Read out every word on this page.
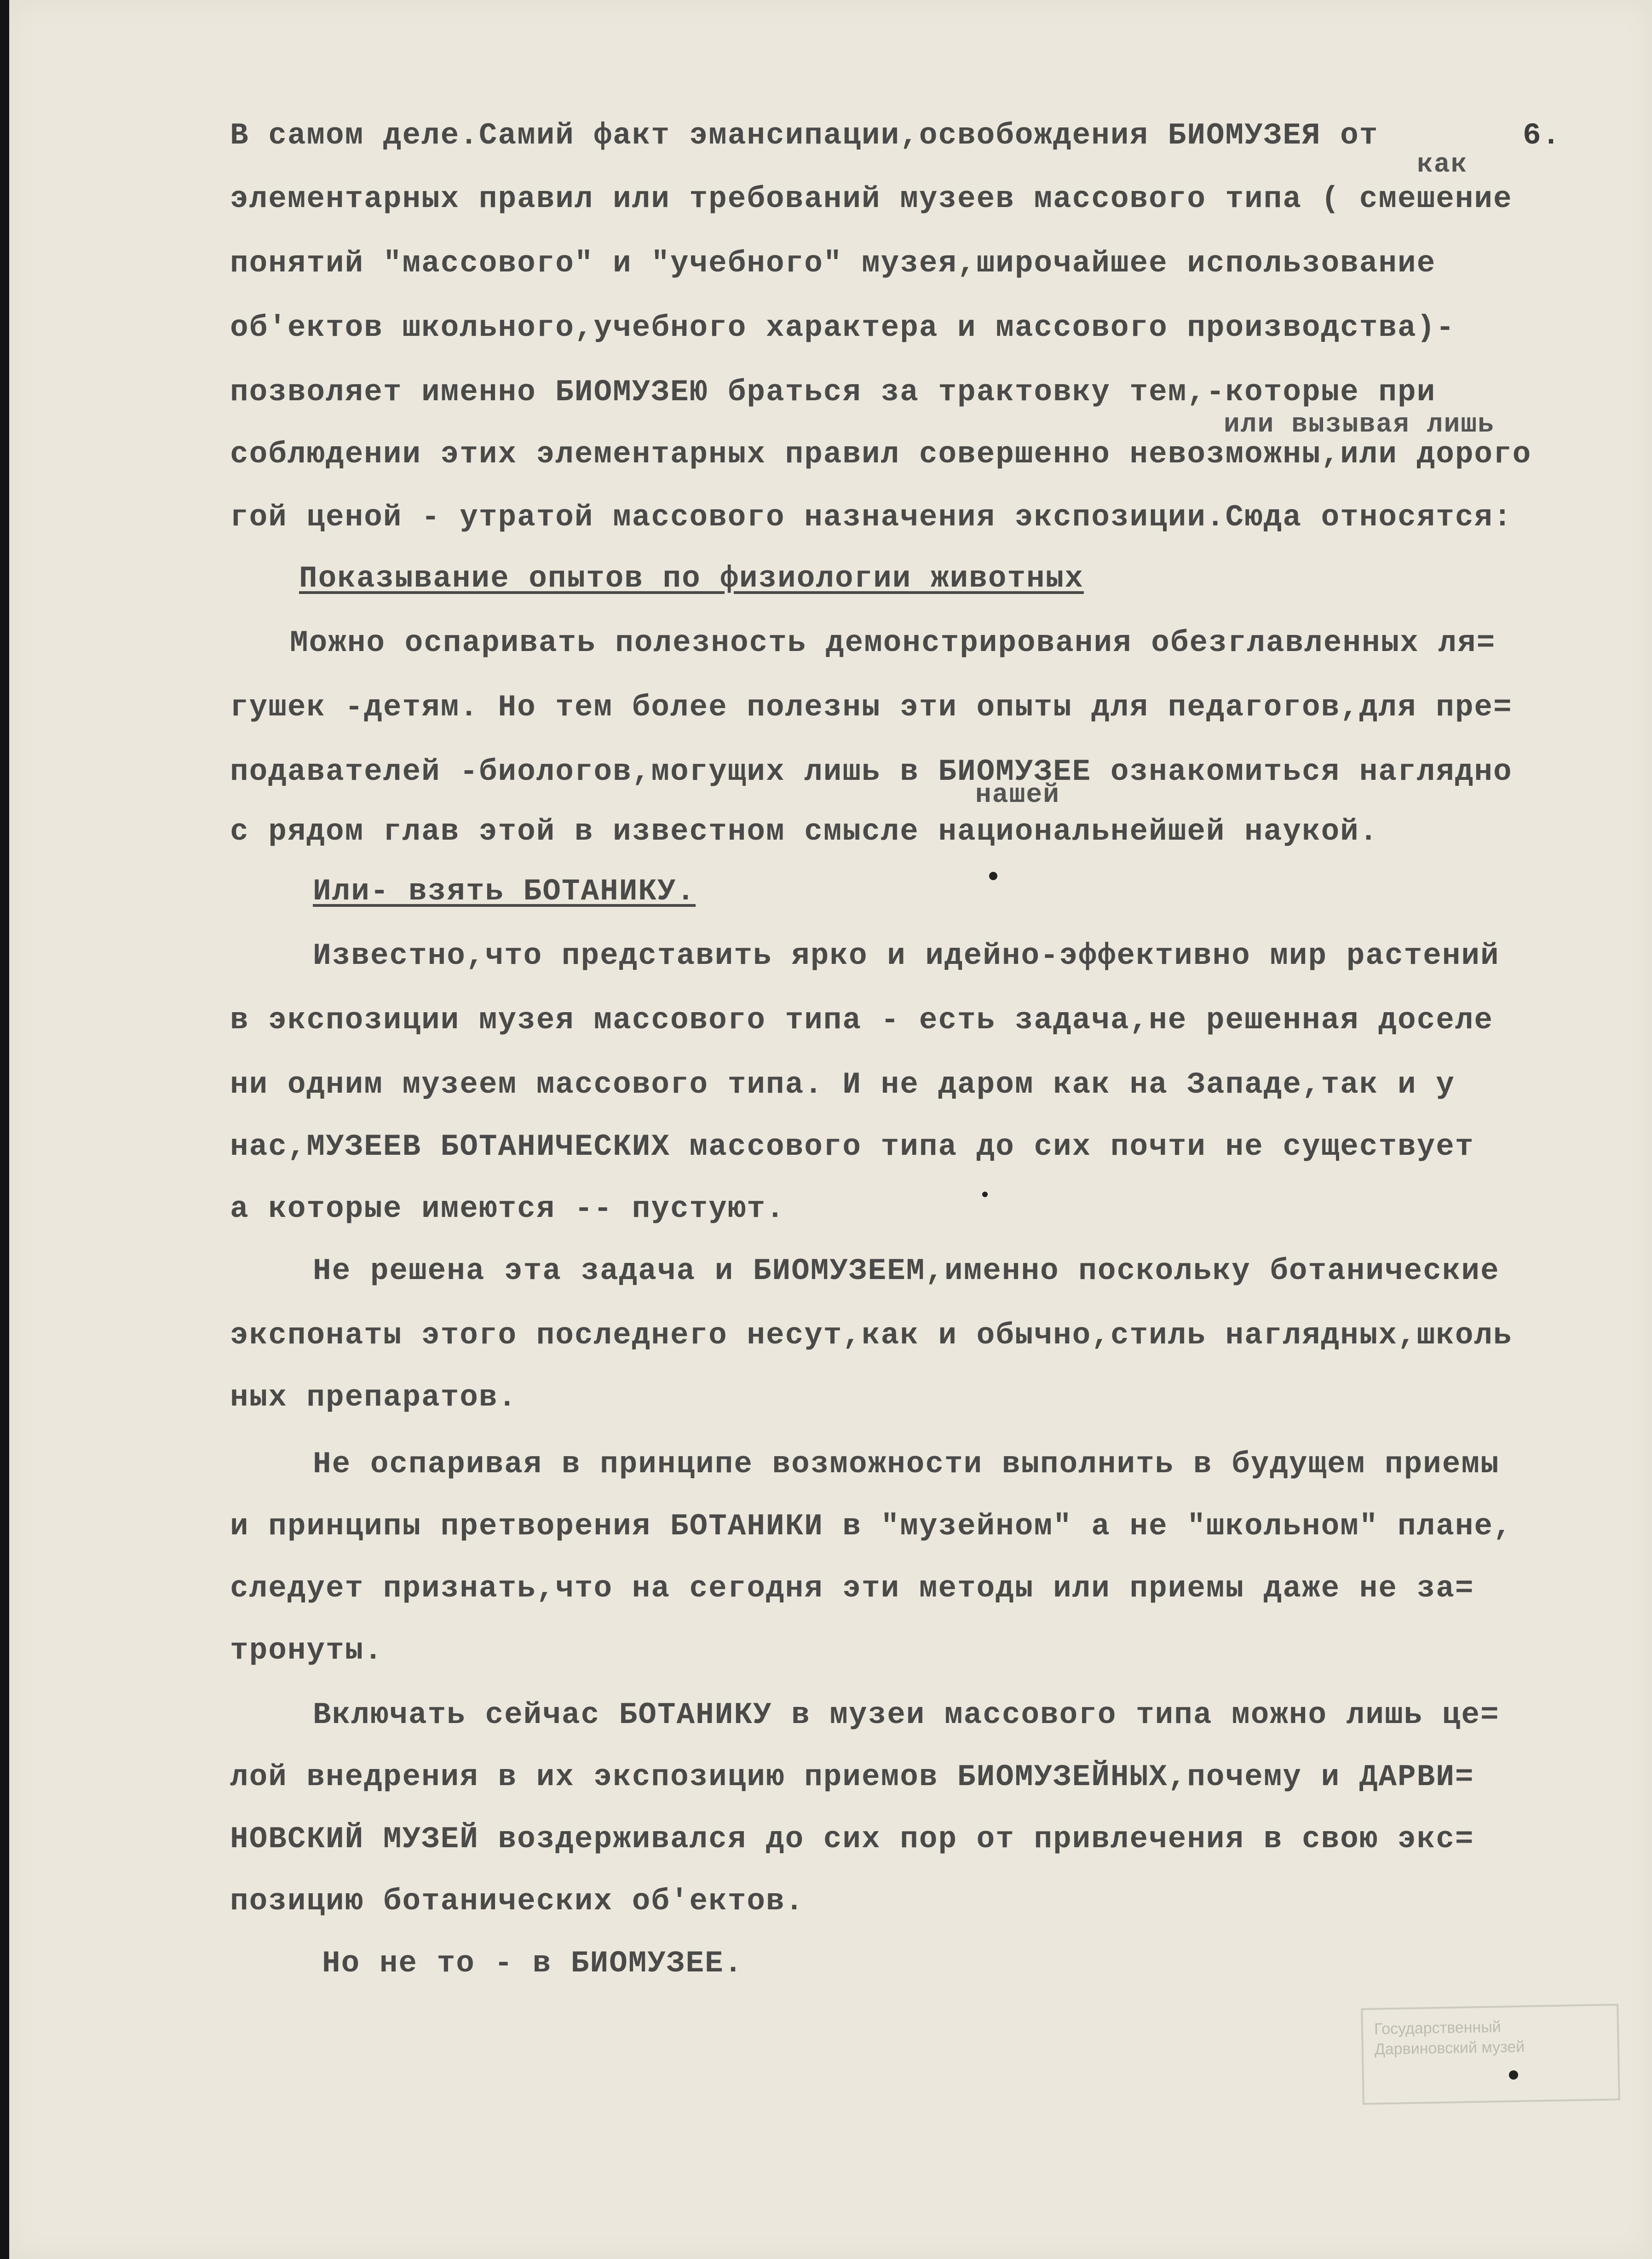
6.
как
В самом деле.Самий факт эмансипации,освобождения БИОМУЗЕЯ от
элементарных правил или требований музеев массового типа ( смешение
понятий "массового" и "учебного" музея,широчайшее использование
об'ектов школьного,учебного характера и массового производства)-
позволяет именно БИОМУЗЕЮ браться за трактовку тем,-которые при
или вызывая лишь
соблюдении этих элементарных правил совершенно невозможны,или дорого
гой ценой - утратой массового назначения экспозиции.Сюда относятся:
Показывание опытов по физиологии животных
Можно оспаривать полезность демонстрирования обезглавленных ля=
гушек -детям. Но тем более полезны эти опыты для педагогов,для пре=
подавателей -биологов,могущих лишь в БИОМУЗЕЕ ознакомиться наглядно
нашей
с рядом глав этой в известном смысле национальнейшей наукой.
Или- взять БОТАНИКУ.
Известно,что представить ярко и идейно-эффективно мир растений
в экспозиции музея массового типа - есть задача,не решенная доселе
ни одним музеем массового типа. И не даром как на Западе,так и у
нас,МУЗЕЕВ БОТАНИЧЕСКИХ массового типа до сих почти не существует
а которые имеются -- пустуют.
Не решена эта задача и БИОМУЗЕЕМ,именно поскольку ботанические
экспонаты этого последнего несут,как и обычно,стиль наглядных,школь
ных препаратов.
Не оспаривая в принципе возможности выполнить в будущем приемы
и принципы претворения БОТАНИКИ в "музейном" а не "школьном" плане,
следует признать,что на сегодня эти методы или приемы даже не за=
тронуты.
Включать сейчас БОТАНИКУ в музеи массового типа можно лишь це=
лой внедрения в их экспозицию приемов БИОМУЗЕЙНЫХ,почему и ДАРВИ=
НОВСКИЙ МУЗЕЙ воздерживался до сих пор от привлечения в свою экс=
позицию ботанических об'ектов.
Но не то - в БИОМУЗЕЕ.
Государственный
Дарвиновский музей
